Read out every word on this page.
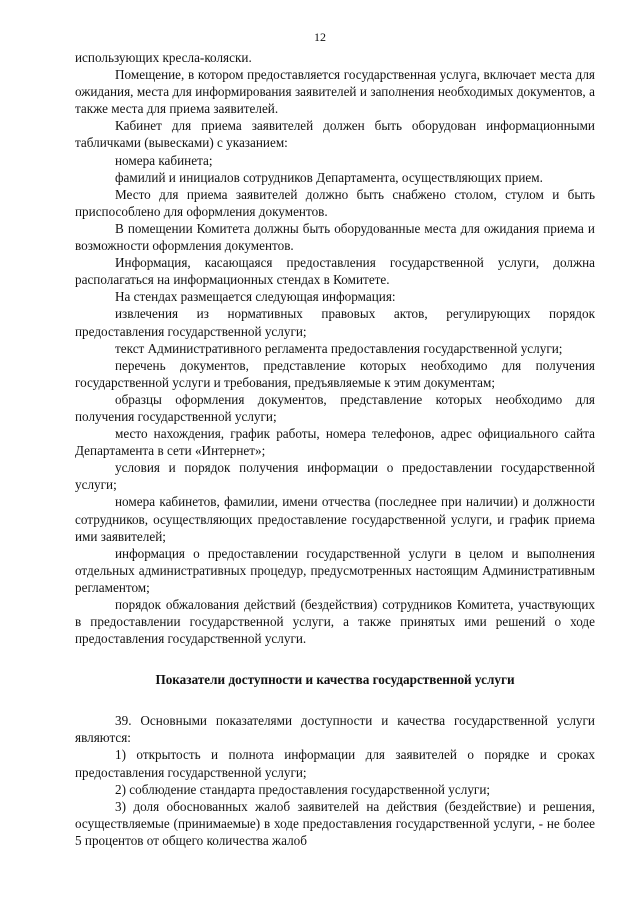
12

использующих кресла-коляски.

Помещение, в котором предоставляется государственная услуга, включает места для ожидания, места для информирования заявителей и заполнения необходимых документов, а также места для приема заявителей.

Кабинет для приема заявителей должен быть оборудован информационными табличками (вывесками) с указанием:

номера кабинета;

фамилий и инициалов сотрудников Департамента, осуществляющих прием.

Место для приема заявителей должно быть снабжено столом, стулом и быть приспособлено для оформления документов.

В помещении Комитета должны быть оборудованные места для ожидания приема и возможности оформления документов.

Информация, касающаяся предоставления государственной услуги, должна располагаться на информационных стендах в Комитете.

На стендах размещается следующая информация:

извлечения из нормативных правовых актов, регулирующих порядок предоставления государственной услуги;

текст Административного регламента предоставления государственной услуги;

перечень документов, представление которых необходимо для получения государственной услуги и требования, предъявляемые к этим документам;

образцы оформления документов, представление которых необходимо для получения государственной услуги;

место нахождения, график работы, номера телефонов, адрес официального сайта Департамента в сети «Интернет»;

условия и порядок получения информации о предоставлении государственной услуги;

номера кабинетов, фамилии, имени отчества (последнее при наличии) и должности сотрудников, осуществляющих предоставление государственной услуги, и график приема ими заявителей;

информация о предоставлении государственной услуги в целом и выполнения отдельных административных процедур, предусмотренных настоящим Административным регламентом;

порядок обжалования действий (бездействия) сотрудников Комитета, участвующих в предоставлении государственной услуги, а также принятых ими решений о ходе предоставления государственной услуги.

Показатели доступности и качества государственной услуги

39. Основными показателями доступности и качества государственной услуги являются:

1) открытость и полнота информации для заявителей о порядке и сроках предоставления государственной услуги;

2) соблюдение стандарта предоставления государственной услуги;

3) доля обоснованных жалоб заявителей на действия (бездействие) и решения, осуществляемые (принимаемые) в ходе предоставления государственной услуги, - не более 5 процентов от общего количества жалоб
